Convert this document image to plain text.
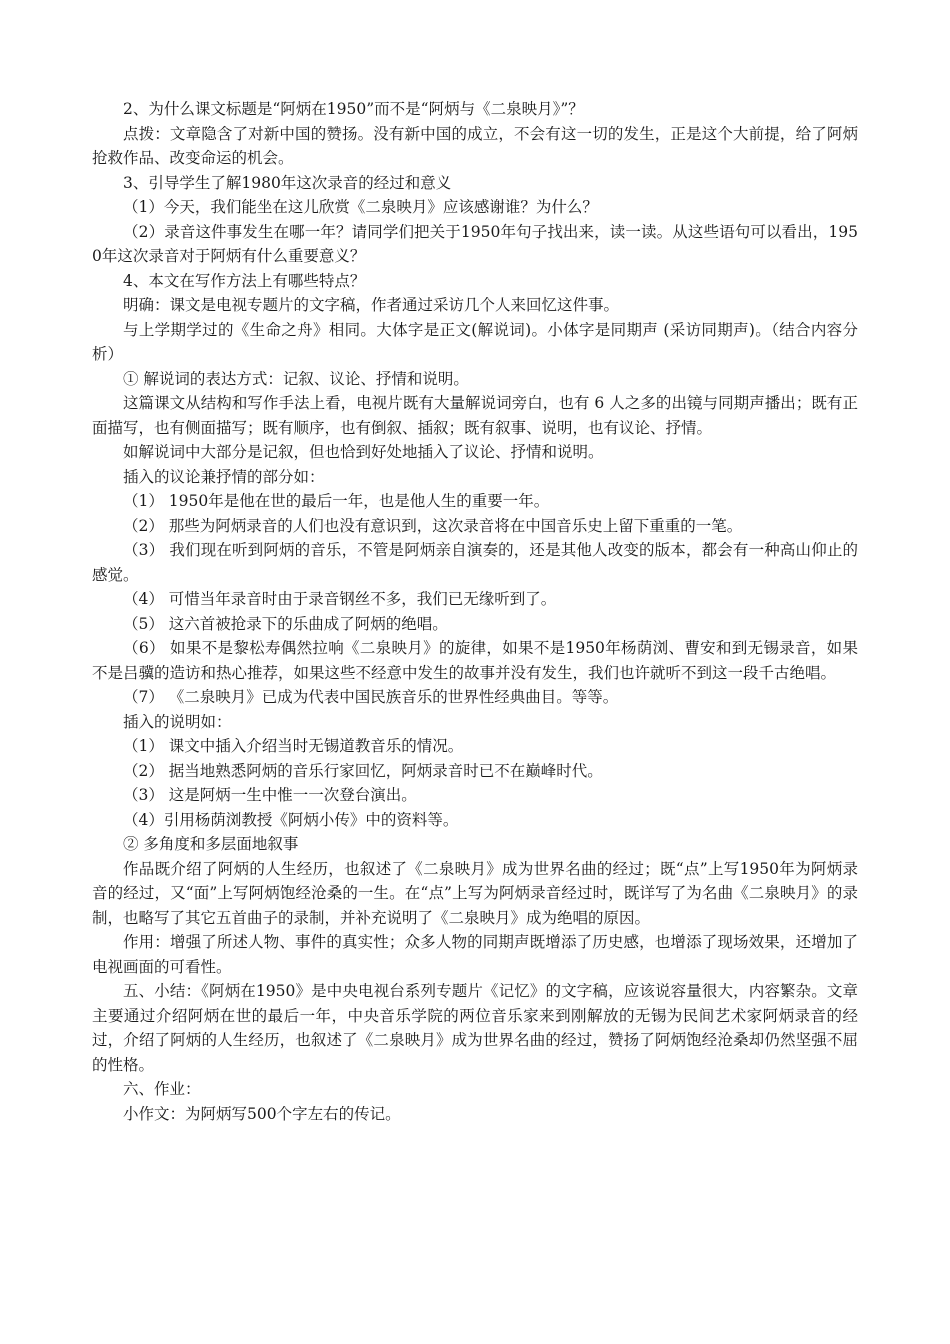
2、为什么课文标题是“阿炳在1950”而不是“阿炳与《二泉映月》”？

点拨：文章隐含了对新中国的赞扬。没有新中国的成立，不会有这一切的发生，正是这个大前提，给了阿炳抢救作品、改变命运的机会。

3、引导学生了解1980年这次录音的经过和意义

（1）今天，我们能坐在这儿欣赏《二泉映月》应该感谢谁？为什么？

（2）录音这件事发生在哪一年？请同学们把关于1950年句子找出来，读一读。从这些语句可以看出，1950年这次录音对于阿炳有什么重要意义？

4、本文在写作方法上有哪些特点？

明确：课文是电视专题片的文字稿，作者通过采访几个人来回忆这件事。

与上学期学过的《生命之舟》相同。大体字是正文(解说词)。小体字是同期声 (采访同期声)。（结合内容分析）

① 解说词的表达方式：记叙、议论、抒情和说明。

这篇课文从结构和写作手法上看，电视片既有大量解说词旁白，也有 6 人之多的出镜与同期声播出；既有正面描写，也有侧面描写；既有顺序，也有倒叙、插叙；既有叙事、说明，也有议论、抒情。

如解说词中大部分是记叙，但也恰到好处地插入了议论、抒情和说明。

插入的议论兼抒情的部分如：

（1） 1950年是他在世的最后一年，也是他人生的重要一年。

（2） 那些为阿炳录音的人们也没有意识到，这次录音将在中国音乐史上留下重重的一笔。

（3） 我们现在听到阿炳的音乐，不管是阿炳亲自演奏的，还是其他人改变的版本，都会有一种高山仰止的感觉。

（4） 可惜当年录音时由于录音钢丝不多，我们已无缘听到了。

（5） 这六首被抢录下的乐曲成了阿炳的绝唱。

（6） 如果不是黎松寿偶然拉响《二泉映月》的旋律，如果不是1950年杨荫浏、曹安和到无锡录音，如果不是吕骥的造访和热心推荐，如果这些不经意中发生的故事并没有发生，我们也许就听不到这一段千古绝唱。

（7） 《二泉映月》已成为代表中国民族音乐的世界性经典曲目。等等。

插入的说明如：

（1） 课文中插入介绍当时无锡道教音乐的情况。

（2） 据当地熟悉阿炳的音乐行家回忆，阿炳录音时已不在巅峰时代。

（3） 这是阿炳一生中惟一一次登台演出。

（4）引用杨荫浏教授《阿炳小传》中的资料等。

② 多角度和多层面地叙事

作品既介绍了阿炳的人生经历，也叙述了《二泉映月》成为世界名曲的经过；既“点”上写1950年为阿炳录音的经过，又“面”上写阿炳饱经沧桑的一生。在“点”上写为阿炳录音经过时，既详写了为名曲《二泉映月》的录制，也略写了其它五首曲子的录制，并补充说明了《二泉映月》成为绝唱的原因。

作用：增强了所述人物、事件的真实性；众多人物的同期声既增添了历史感，也增添了现场效果，还增加了电视画面的可看性。

五、小结：《阿炳在1950》是中央电视台系列专题片《记忆》的文字稿，应该说容量很大，内容繁杂。文章主要通过介绍阿炳在世的最后一年，中央音乐学院的两位音乐家来到刚解放的无锡为民间艺术家阿炳录音的经过，介绍了阿炳的人生经历，也叙述了《二泉映月》成为世界名曲的经过，赞扬了阿炳饱经沧桑却仍然坚强不屈的性格。

六、作业：

小作文：为阿炳写500个字左右的传记。
